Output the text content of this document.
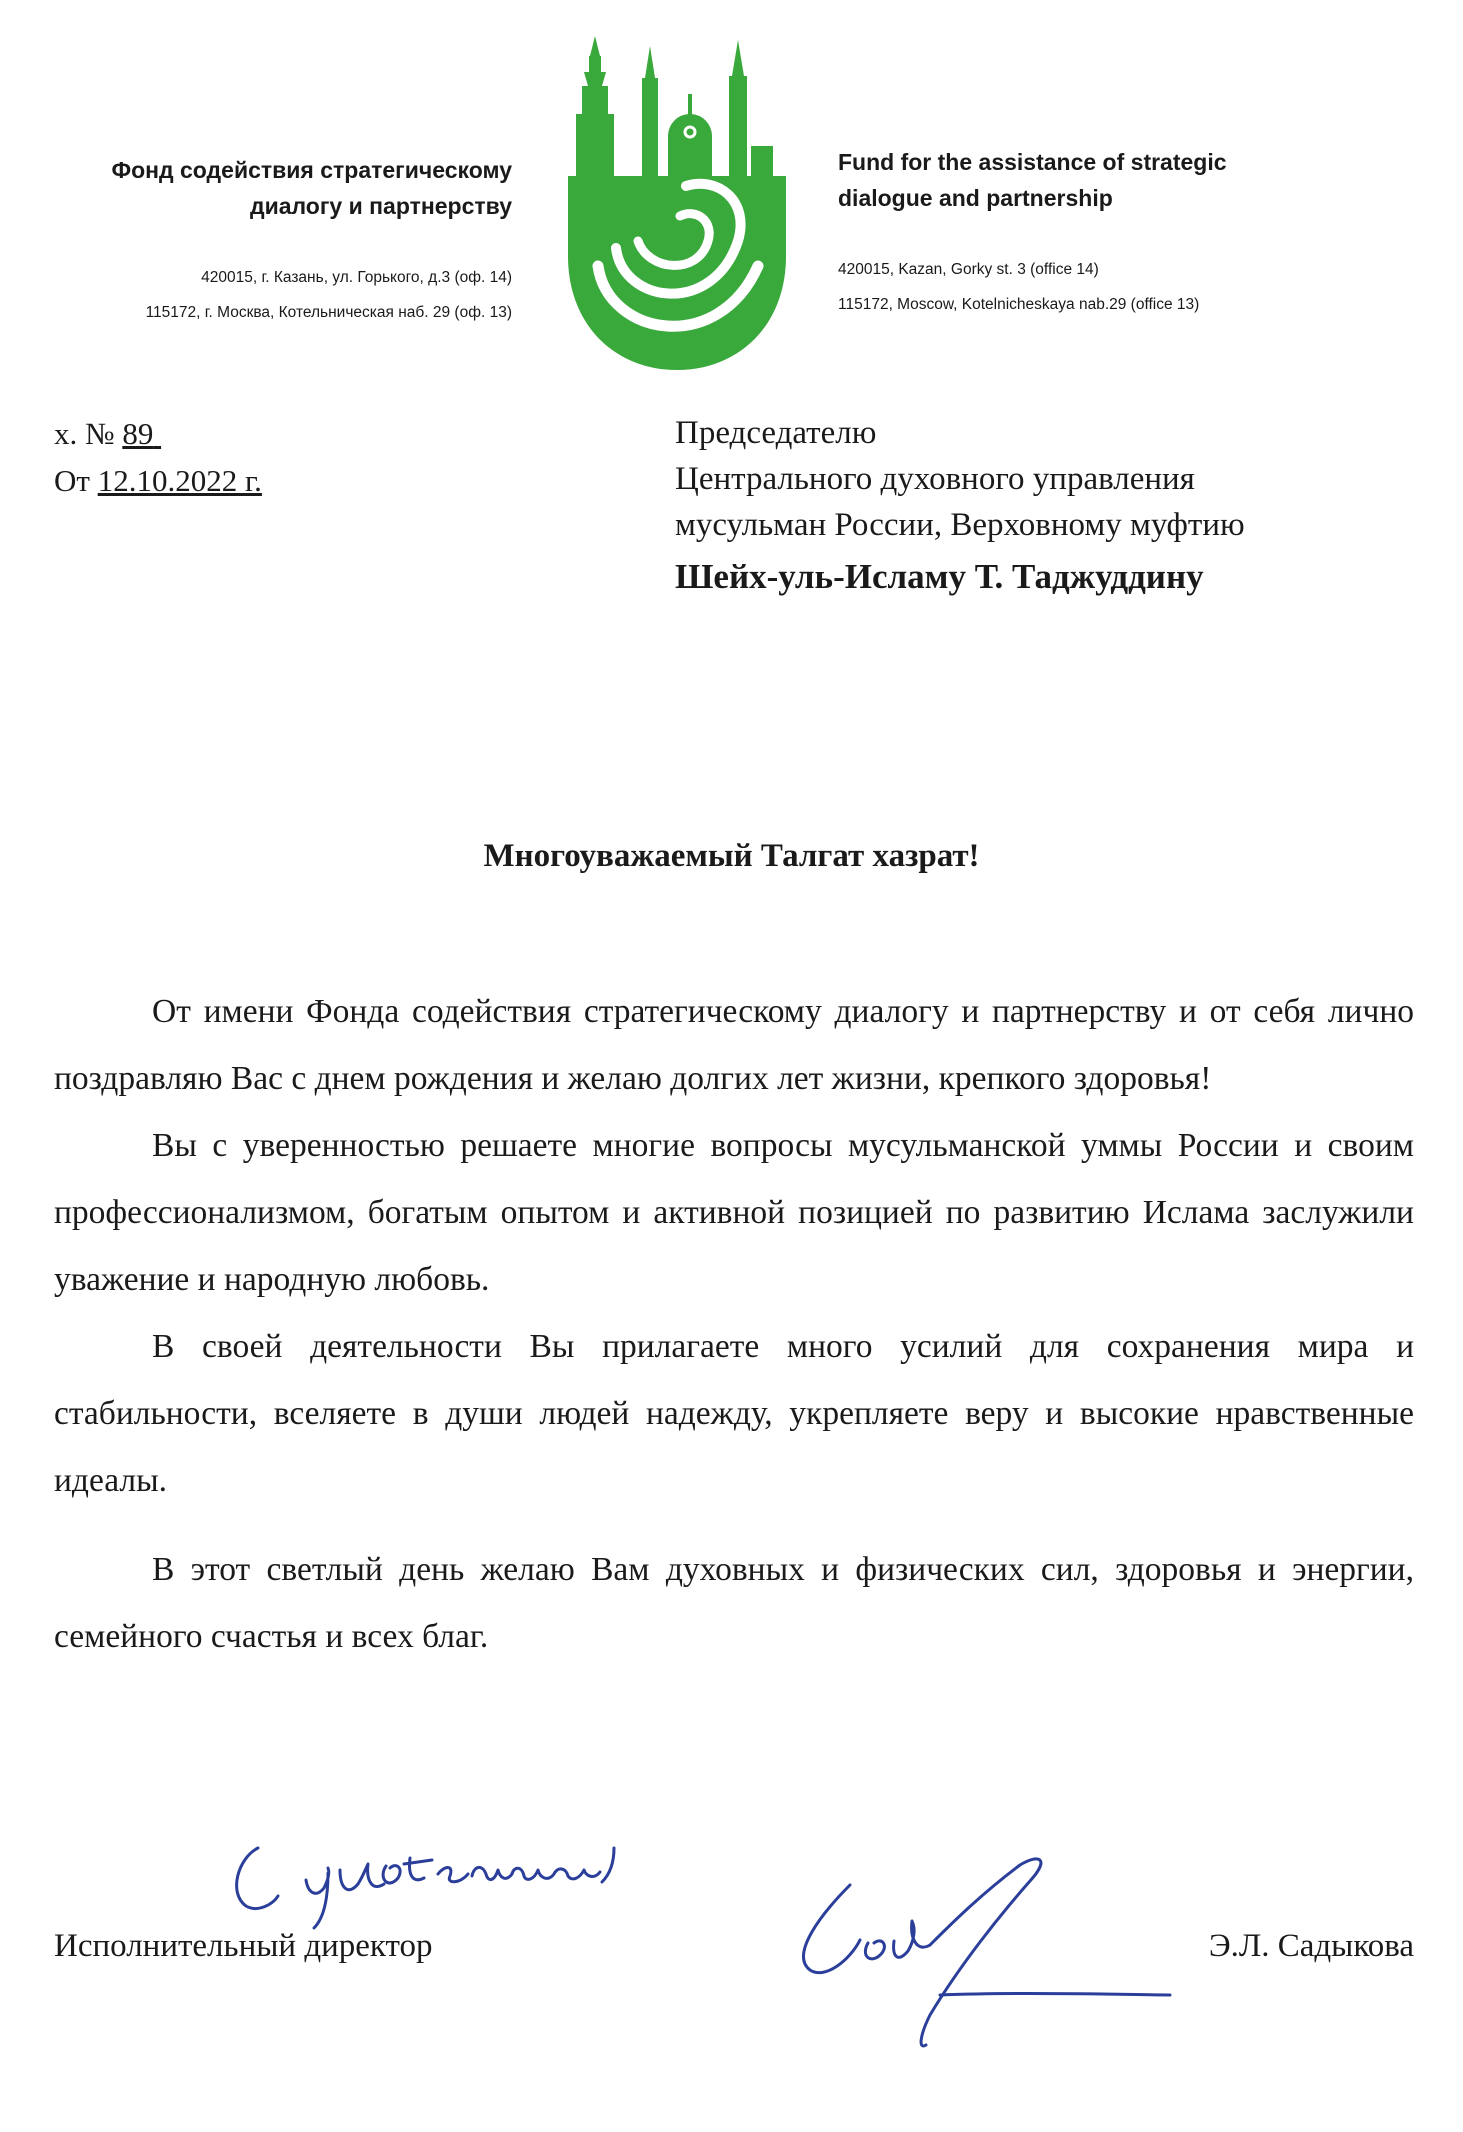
Фонд содействия стратегическому
диалогу и партнерству
420015, г. Казань, ул. Горького, д.3 (оф. 14)
115172, г. Москва, Котельническая наб. 29 (оф. 13)
Fund for the assistance of strategic
dialogue and partnership
420015, Kazan, Gorky st. 3 (office 14)
115172, Moscow, Kotelnicheskaya nab.29 (office 13)
х. № 89
От 12.10.2022 г.
Председателю
Центрального духовного управления
мусульман России, Верховному муфтию
Шейх-уль-Исламу Т. Таджуддину
Многоуважаемый Талгат хазрат!

От имени Фонда содействия стратегическому диалогу и партнерству и от себя лично поздравляю Вас с днем рождения и желаю долгих лет жизни, крепкого здоровья!

Вы с уверенностью решаете многие вопросы мусульманской уммы России и своим профессионализмом, богатым опытом и активной позицией по развитию Ислама заслужили уважение и народную любовь.

В своей деятельности Вы прилагаете много усилий для сохранения мира и стабильности, вселяете в души людей надежду, укрепляете веру и высокие нравственные идеалы.

В этот светлый день желаю Вам духовных и физических сил, здоровья и энергии, семейного счастья и всех благ.

Исполнительный директор	Э.Л. Садыкова
